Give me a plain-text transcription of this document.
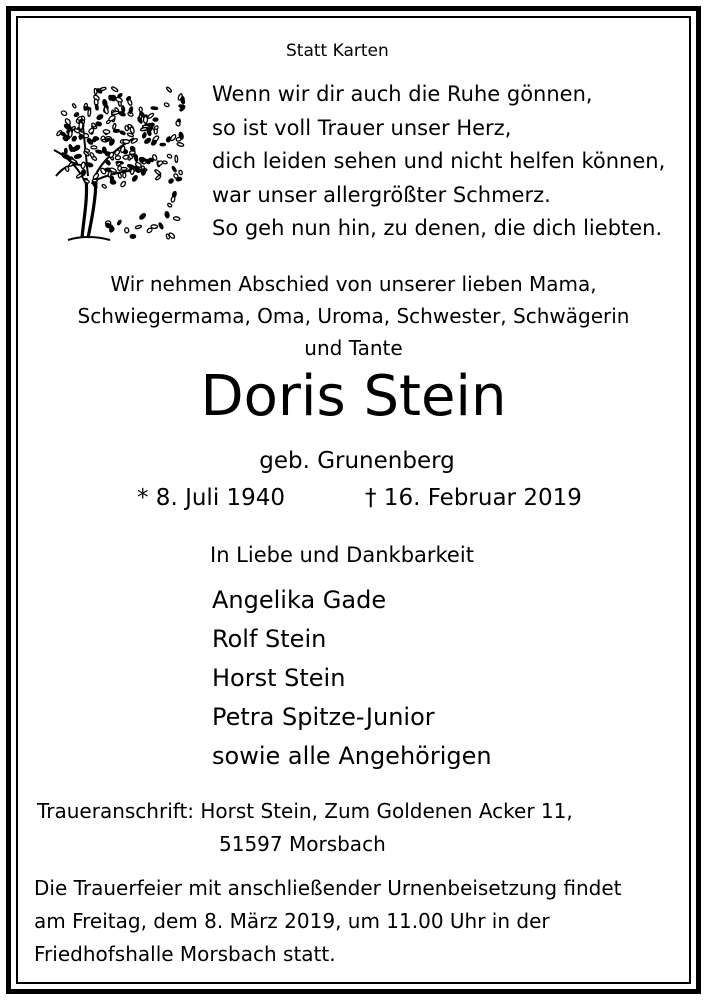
Statt Karten
Wenn wir dir auch die Ruhe gönnen,
so ist voll Trauer unser Herz,
dich leiden sehen und nicht helfen können,
war unser allergrößter Schmerz.
So geh nun hin, zu denen, die dich liebten.
Wir nehmen Abschied von unserer lieben Mama,
Schwiegermama, Oma, Uroma, Schwester, Schwägerin
und Tante
Doris Stein
geb. Grunenberg
* 8. Juli 1940	† 16. Februar 2019
In Liebe und Dankbarkeit
Angelika Gade
Rolf Stein
Horst Stein
Petra Spitze-Junior
sowie alle Angehörigen
Traueranschrift: Horst Stein, Zum Goldenen Acker 11,
51597 Morsbach
Die Trauerfeier mit anschließender Urnenbeisetzung findet
am Freitag, dem 8. März 2019, um 11.00 Uhr in der
Friedhofshalle Morsbach statt.
